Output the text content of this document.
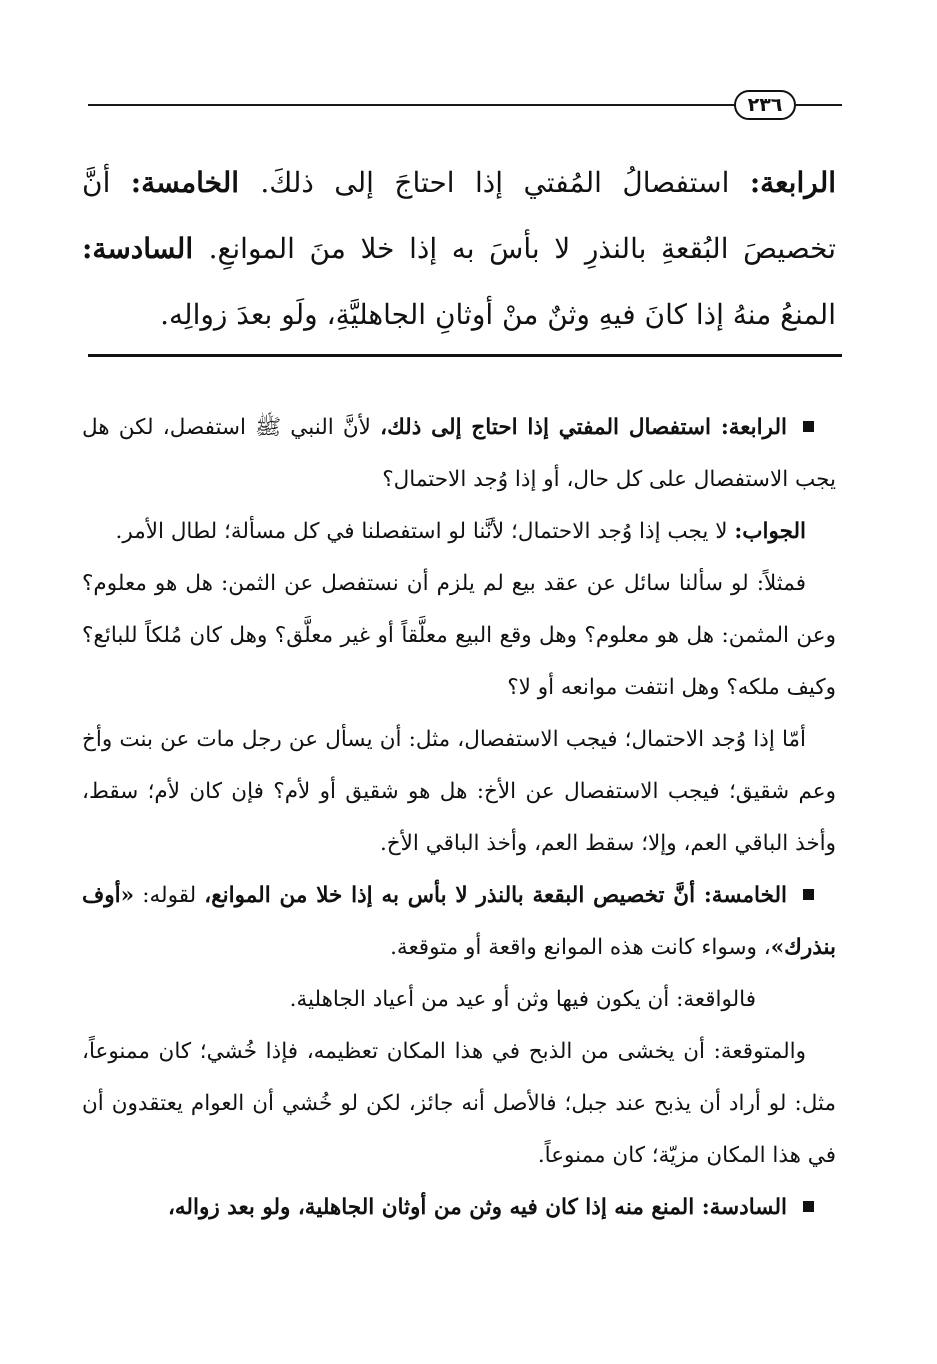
٢٣٦
الرابعة: استفصالُ المُفتي إذا احتاجَ إلى ذلكَ. الخامسة: أنَّ تخصيصَ البُقعةِ بالنذرِ لا بأسَ به إذا خلا منَ الموانعِ. السادسة: المنعُ منهُ إذا كانَ فيهِ وثنٌ منْ أوثانِ الجاهليَّةِ، ولَو بعدَ زوالِه.

الرابعة: استفصال المفتي إذا احتاج إلى ذلك، لأنَّ النبي ﷺ استفصل، لكن هل يجب الاستفصال على كل حال، أو إذا وُجد الاحتمال؟

الجواب: لا يجب إذا وُجد الاحتمال؛ لأنَّنا لو استفصلنا في كل مسألة؛ لطال الأمر.

فمثلاً: لو سألنا سائل عن عقد بيع لم يلزم أن نستفصل عن الثمن: هل هو معلوم؟ وعن المثمن: هل هو معلوم؟ وهل وقع البيع معلَّقاً أو غير معلَّق؟ وهل كان مُلكاً للبائع؟ وكيف ملكه؟ وهل انتفت موانعه أو لا؟

أمّا إذا وُجد الاحتمال؛ فيجب الاستفصال، مثل: أن يسأل عن رجل مات عن بنت وأخ وعم شقيق؛ فيجب الاستفصال عن الأخ: هل هو شقيق أو لأم؟ فإن كان لأم؛ سقط، وأخذ الباقي العم، وإلا؛ سقط العم، وأخذ الباقي الأخ.

الخامسة: أنَّ تخصيص البقعة بالنذر لا بأس به إذا خلا من الموانع، لقوله: «أوف بنذرك»، وسواء كانت هذه الموانع واقعة أو متوقعة.

فالواقعة: أن يكون فيها وثن أو عيد من أعياد الجاهلية.

والمتوقعة: أن يخشى من الذبح في هذا المكان تعظيمه، فإذا خُشي؛ كان ممنوعاً، مثل: لو أراد أن يذبح عند جبل؛ فالأصل أنه جائز، لكن لو خُشي أن العوام يعتقدون أن في هذا المكان مزيّة؛ كان ممنوعاً.

السادسة: المنع منه إذا كان فيه وثن من أوثان الجاهلية، ولو بعد زواله،
